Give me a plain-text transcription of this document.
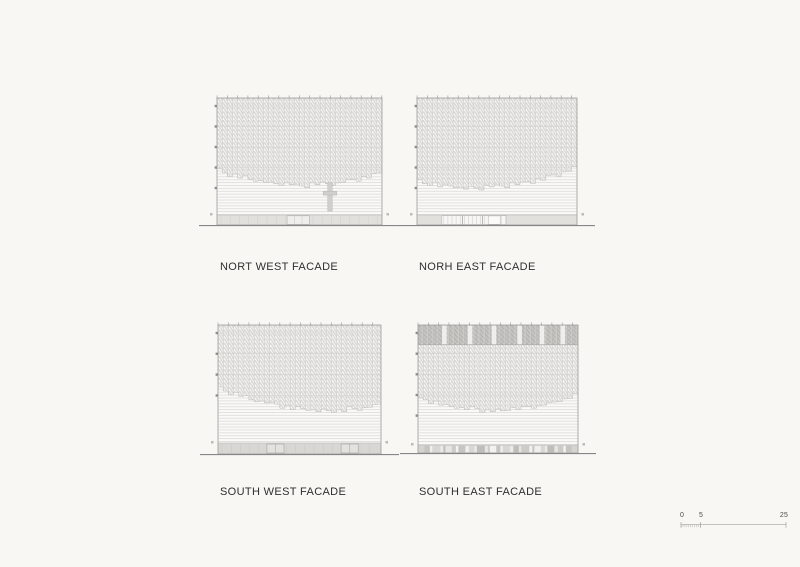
NORT WEST FACADE	NORH EAST FACADE
SOUTH WEST FACADE	SOUTH EAST FACADE
0 5	25
